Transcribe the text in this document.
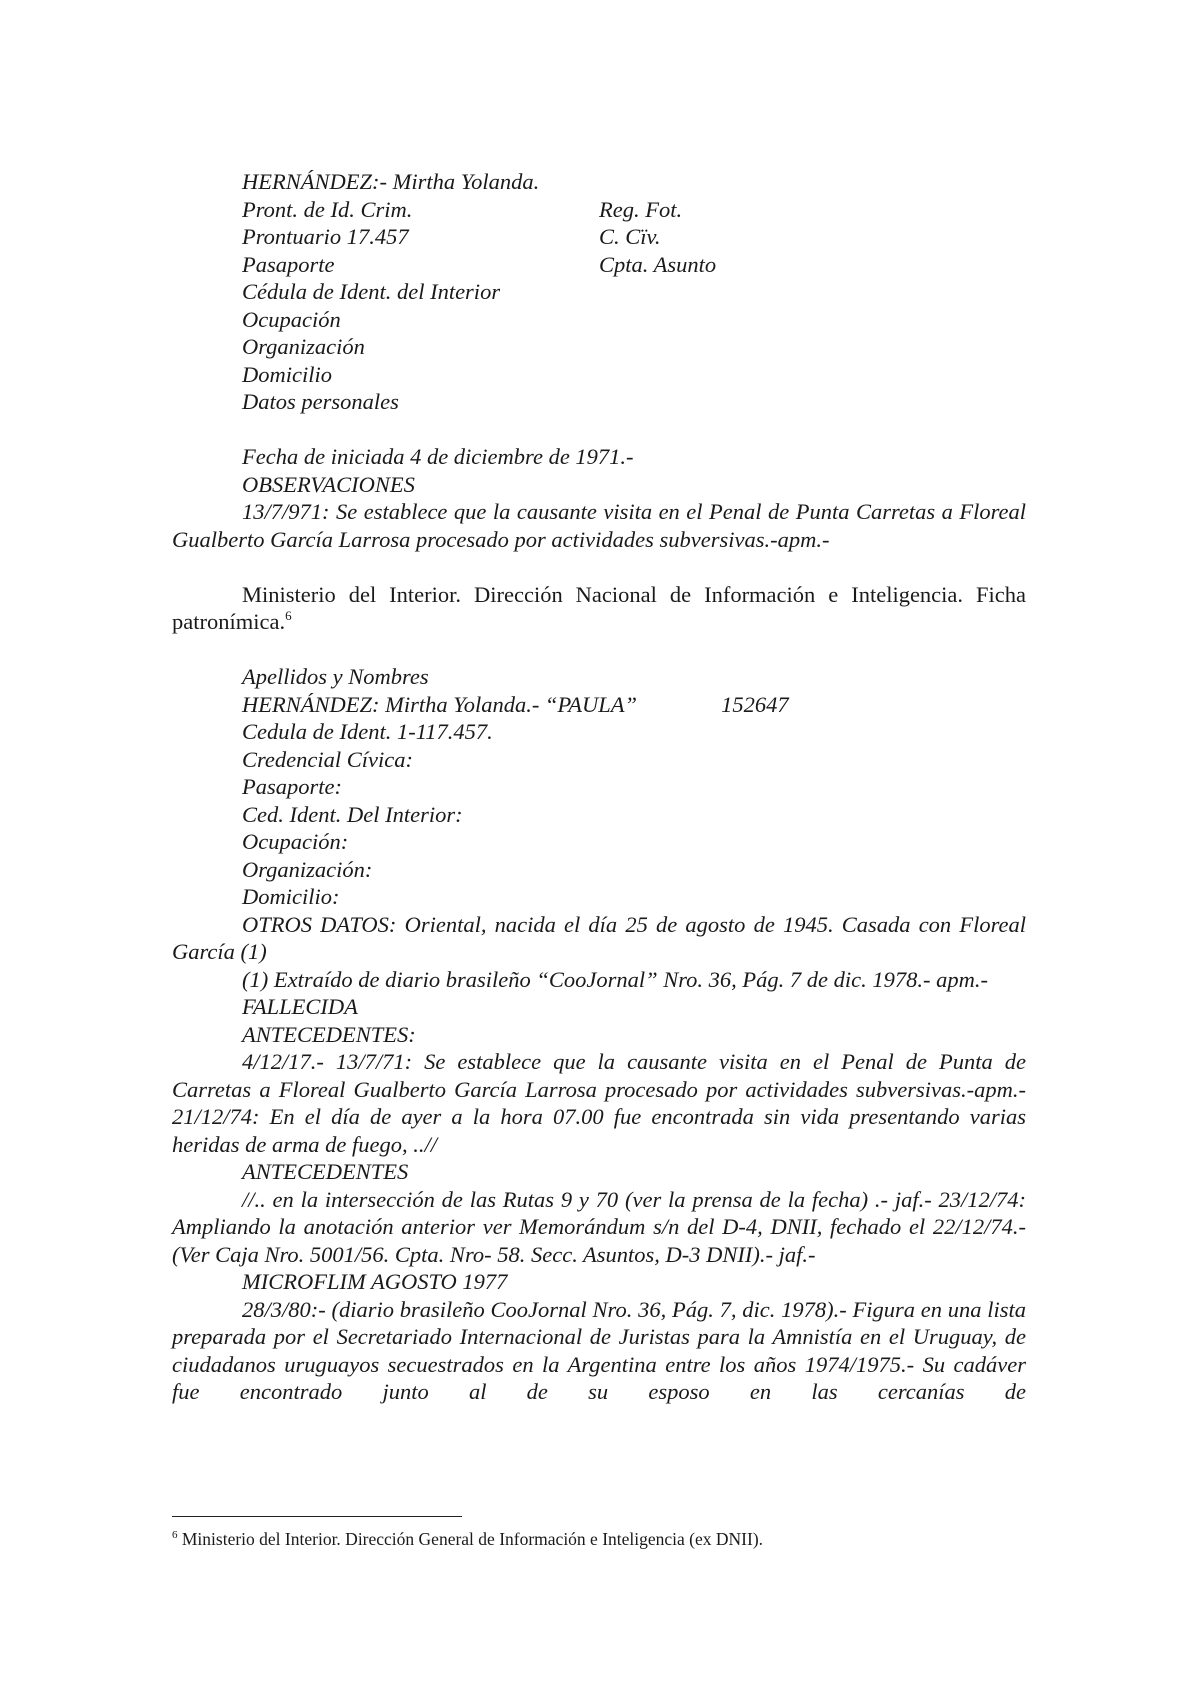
HERNÁNDEZ:- Mirtha Yolanda.
Pront. de Id. Crim.	Reg. Fot.
Prontuario 17.457	C. Cïv.
Pasaporte	Cpta. Asunto
Cédula de Ident. del Interior
Ocupación
Organización
Domicilio
Datos personales
Fecha de iniciada 4 de diciembre de 1971.-
OBSERVACIONES
13/7/971: Se establece que la causante visita en el Penal de Punta Carretas a Floreal Gualberto García Larrosa procesado por actividades subversivas.-apm.-
Ministerio del Interior. Dirección Nacional de Información e Inteligencia. Ficha patronímica.$^6$
Apellidos y Nombres
HERNÁNDEZ: Mirtha Yolanda.- “PAULA”	152647
Cedula de Ident. 1-117.457.
Credencial Cívica:
Pasaporte:
Ced. Ident. Del Interior:
Ocupación:
Organización:
Domicilio:
OTROS DATOS: Oriental, nacida el día 25 de agosto de 1945. Casada con Floreal García (1)
(1) Extraído de diario brasileño “CooJornal” Nro. 36, Pág. 7 de dic. 1978.- apm.-
FALLECIDA
ANTECEDENTES:
4/12/17.- 13/7/71: Se establece que la causante visita en el Penal de Punta de Carretas a Floreal Gualberto García Larrosa procesado por actividades subversivas.-apm.- 21/12/74: En el día de ayer a la hora 07.00 fue encontrada sin vida presentando varias heridas de arma de fuego, ..//
ANTECEDENTES
//.. en la intersección de las Rutas 9 y 70 (ver la prensa de la fecha) .- jaf.- 23/12/74: Ampliando la anotación anterior ver Memorándum s/n del D-4, DNII, fechado el 22/12/74.- (Ver Caja Nro. 5001/56. Cpta. Nro- 58. Secc. Asuntos, D-3 DNII).- jaf.-
MICROFLIM AGOSTO 1977
28/3/80:- (diario brasileño CooJornal Nro. 36, Pág. 7, dic. 1978).- Figura en una lista preparada por el Secretariado Internacional de Juristas para la Amnistía en el Uruguay, de ciudadanos uruguayos secuestrados en la Argentina entre los años 1974/1975.- Su cadáver fue encontrado junto al de su esposo en las cercanías de
$^6$ Ministerio del Interior. Dirección General de Información e Inteligencia (ex DNII).
